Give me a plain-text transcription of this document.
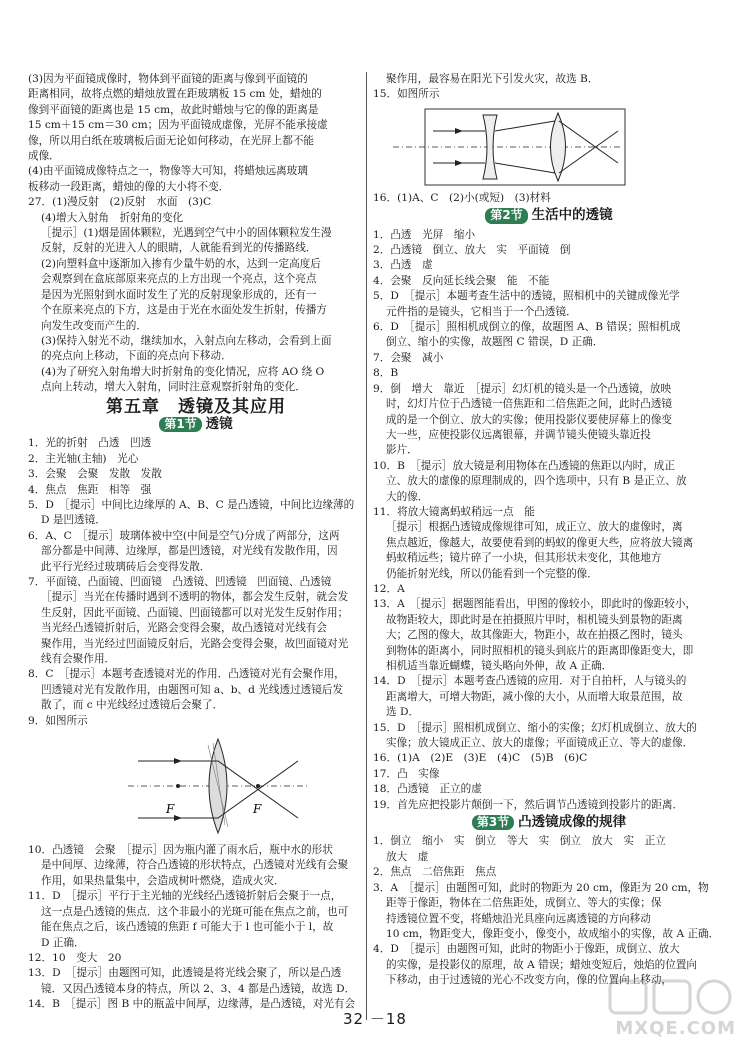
(3)因为平面镜成像时，物体到平面镜的距离与像到平面镜的

距离相同，故将点燃的蜡烛放置在距玻璃板 15 cm 处，蜡烛的

像到平面镜的距离也是 15 cm，故此时蜡烛与它的像的距离是

15 cm＋15 cm＝30 cm；因为平面镜成虚像，光屏不能承接虚

像，所以用白纸在玻璃板后面无论如何移动，在光屏上都不能

成像．

(4)由平面镜成像特点之一，物像等大可知，将蜡烛远离玻璃

板移动一段距离，蜡烛的像的大小将不变．

27．(1)漫反射　(2)反射　水面　(3)C

(4)增大入射角　折射角的变化

［提示］(1)烟是固体颗粒，光遇到空气中小的固体颗粒发生漫

反射，反射的光进入人的眼睛，人就能看到光的传播路线．

(2)向塑料盒中逐渐加入掺有少量牛奶的水，达到一定高度后

会观察到在盒底部原来亮点的上方出现一个亮点，这个亮点

是因为光照射到水面时发生了光的反射现象形成的，还有一

个在原来亮点的下方，这是由于光在水面处发生折射，传播方

向发生改变而产生的．

(3)保持入射光不动，继续加水，入射点向左移动，会看到上面

的亮点向上移动，下面的亮点向下移动．

(4)为了研究入射角增大时折射角的变化情况，应将 AO 绕 O

点向上转动，增大入射角，同时注意观察折射角的变化．

第五章　透镜及其应用
第1节 透镜

1．光的折射　凸透　凹透

2．主光轴(主轴)　光心

3．会聚　会聚　发散　发散

4．焦点　焦距　相等　强

5．D　［提示］中间比边缘厚的 A、B、C 是凸透镜，中间比边缘薄的

D 是凹透镜．

6．A、C　［提示］玻璃体被中空(中间是空气)分成了两部分，这两

部分都是中间薄、边缘厚，都是凹透镜，对光线有发散作用，因

此平行光经过玻璃砖后会变得发散．

7．平面镜、凸面镜、凹面镜　凸透镜、凹透镜　凹面镜、凸透镜

［提示］当光在传播时遇到不透明的物体，都会发生反射，就会发

生反射，因此平面镜、凸面镜、凹面镜都可以对光发生反射作用；

当光经凸透镜折射后，光路会变得会聚，故凸透镜对光线有会

聚作用，当光经过凹面镜反射后，光路会变得会聚，故凹面镜对光

线有会聚作用．

8．C　［提示］本题考查透镜对光的作用．凸透镜对光有会聚作用，

凹透镜对光有发散作用，由题图可知 a、b、d 光线透过透镜后发

散了，而 c 中光线经过透镜后会聚了．

9．如图所示

F	F

10．凸透镜　会聚　［提示］因为瓶内灌了雨水后，瓶中水的形状

是中间厚、边缘薄，符合凸透镜的形状特点，凸透镜对光线有会聚

作用，如果热量集中，会造成树叶燃烧，造成火灾．

11．D　［提示］平行于主光轴的光线经凸透镜折射后会聚于一点，

这一点是凸透镜的焦点．这个非最小的光斑可能在焦点之前，也可

能在焦点之后，该凸透镜的焦距 f 可能大于 l 也可能小于 l，故

D 正确．

12．10　变大　20

13．D　［提示］由题图可知，此透镜是将光线会聚了，所以是凸透

镜．又因凸透镜本身的特点，所以 2、3、4 都是凸透镜，故选 D．

14．B　［提示］图 B 中的瓶盖中间厚，边缘薄，是凸透镜，对光有会

聚作用，最容易在阳光下引发火灾，故选 B．

15．如图所示

16．(1)A、C　(2)小(或短)　(3)材料

第2节 生活中的透镜

1．凸透　光屏　缩小

2．凸透镜　倒立、放大　实　平面镜　倒

3．凸透　虚

4．会聚　反向延长线会聚　能　不能

5．D　［提示］本题考查生活中的透镜，照相机中的关键成像光学

元件指的是镜头，它相当于一个凸透镜．

6．D　［提示］照相机成倒立的像，故题图 A、B 错误；照相机成

倒立、缩小的实像，故题图 C 错误，D 正确．

7．会聚　减小

8．B

9．倒　增大　靠近　［提示］幻灯机的镜头是一个凸透镜，放映

时，幻灯片位于凸透镜一倍焦距和二倍焦距之间，此时凸透镜

成的是一个倒立、放大的实像；使用投影仪要使屏幕上的像变

大一些，应使投影仪远离银幕，并调节镜头使镜头靠近投

影片．

10．B　［提示］放大镜是利用物体在凸透镜的焦距以内时，成正

立、放大的虚像的原理制成的，四个选项中，只有 B 是正立、放

大的像．

11．将放大镜离蚂蚁稍远一点　能

［提示］根据凸透镜成像规律可知，成正立、放大的虚像时，离

焦点越近，像越大，故要使看到的蚂蚁的像更大些，应将放大镜离

蚂蚁稍远些；镜片碎了一小块，但其形状未变化，其他地方

仍能折射光线，所以仍能看到一个完整的像．

12．A

13．A　［提示］据题图能看出，甲图的像较小，即此时的像距较小，

故物距较大，即此时是在拍摄照片甲时，相机镜头到景物的距离

大；乙图的像大，故其像距大，物距小，故在拍摄乙图时，镜头

到物体的距离小，同时照相机的镜头到底片的距离即像距变大，即

相机适当靠近蝴蝶，镜头略向外伸，故 A 正确．

14．D　［提示］本题考查凸透镜的应用．对于自拍杆，人与镜头的

距离增大，可增大物距，减小像的大小，从而增大取景范围，故

选 D．

15．D　［提示］照相机成倒立、缩小的实像；幻灯机成倒立、放大的

实像；放大镜成正立、放大的虚像；平面镜成正立、等大的虚像．

16．(1)A　(2)E　(3)E　(4)C　(5)B　(6)C

17．凸　实像

18．凸透镜　正立的虚

19．首先应把投影片颠倒一下，然后调节凸透镜到投影片的距离．

第3节 凸透镜成像的规律

1．倒立　缩小　实　倒立　等大　实　倒立　放大　实　正立

放大　虚

2．焦点　二倍焦距　焦点

3．A　［提示］由题图可知，此时的物距为 20 cm，像距为 20 cm，物

距等于像距，物体在二倍焦距处，成倒立、等大的实像；保

持透镜位置不变，将蜡烛沿光具座向远离透镜的方向移动

10 cm，物距变大，像距变小，像变小，故成缩小的实像，故 A 正确．

4．D　［提示］由题图可知，此时的物距小于像距，成倒立、放大

的实像，是投影仪的原理，故 A 错误；蜡烛变短后，烛焰的位置向

下移动，由于过透镜的光心不改变方向，像的位置向上移动，

32 －18	MXQE.COM
